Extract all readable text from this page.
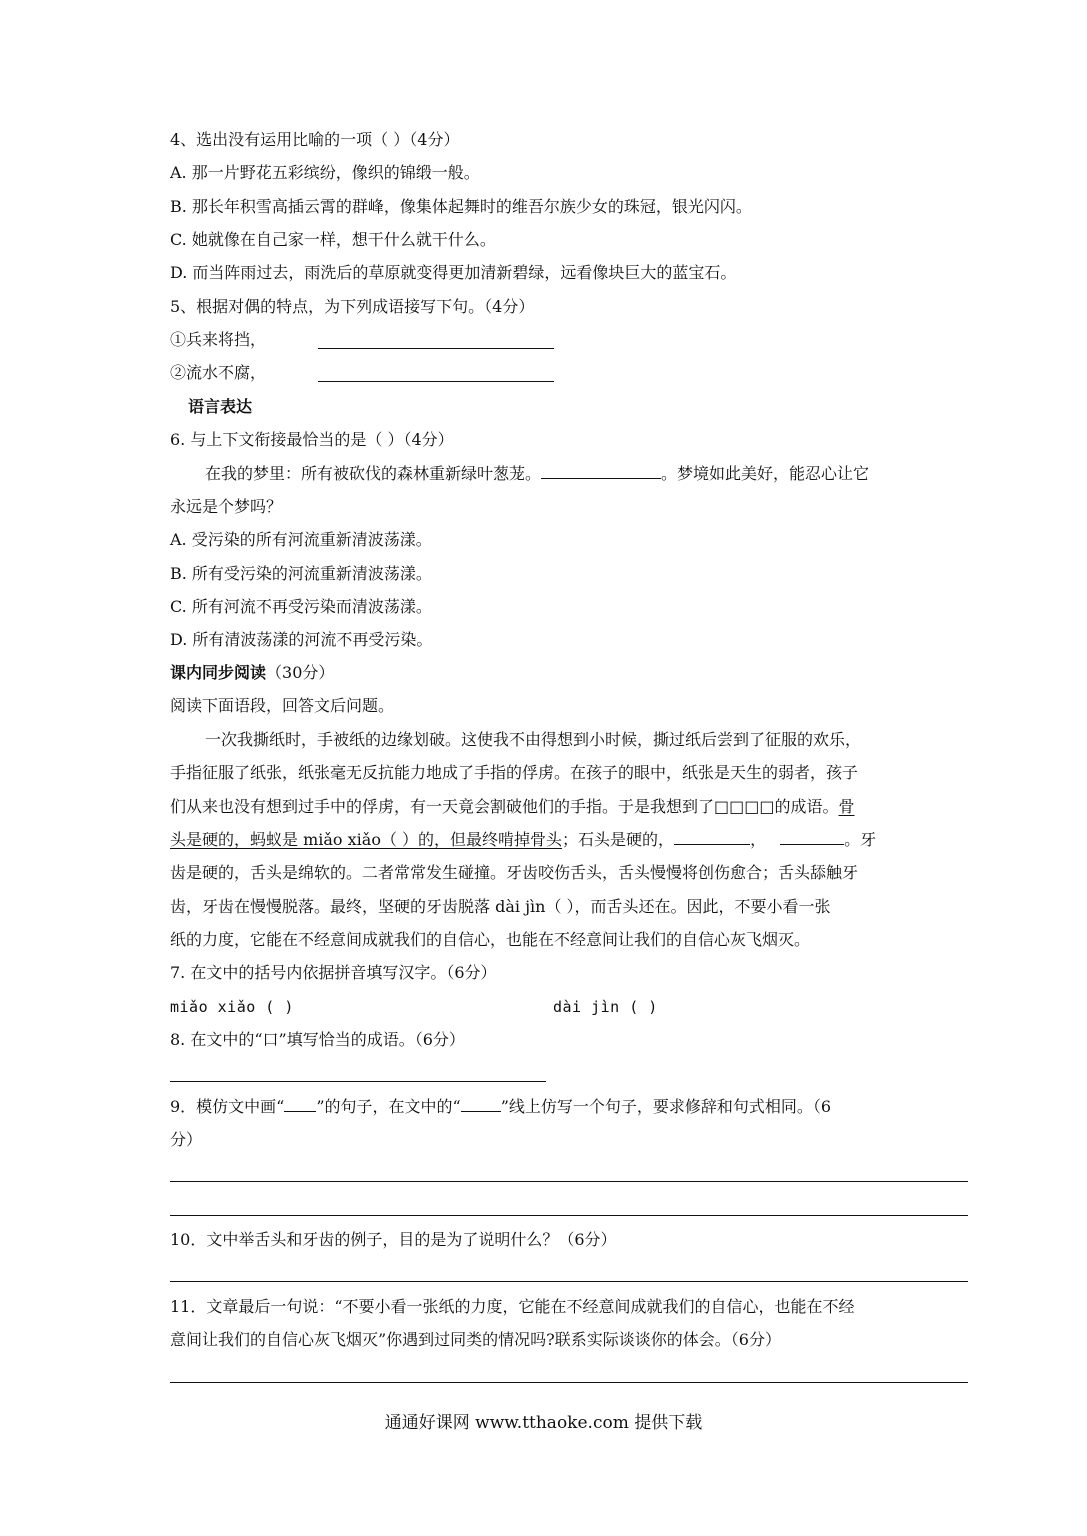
4、选出没有运用比喻的一项（ ）（4分）
A. 那一片野花五彩缤纷，像织的锦缎一般。
B. 那长年积雪高插云霄的群峰，像集体起舞时的维吾尔族少女的珠冠，银光闪闪。
C. 她就像在自己家一样，想干什么就干什么。
D. 而当阵雨过去，雨洗后的草原就变得更加清新碧绿，远看像块巨大的蓝宝石。
5、根据对偶的特点，为下列成语接写下句。（4分）
①兵来将挡，
②流水不腐，
语言表达
6. 与上下文衔接最恰当的是（ ）（4分）
在我的梦里：所有被砍伐的森林重新绿叶葱茏。	。梦境如此美好，能忍心让它
永远是个梦吗？
A. 受污染的所有河流重新清波荡漾。
B. 所有受污染的河流重新清波荡漾。
C. 所有河流不再受污染而清波荡漾。
D. 所有清波荡漾的河流不再受污染。
课内同步阅读（30分）
阅读下面语段，回答文后问题。
一次我撕纸时，手被纸的边缘划破。这使我不由得想到小时候，撕过纸后尝到了征服的欢乐，
手指征服了纸张，纸张毫无反抗能力地成了手指的俘虏。在孩子的眼中，纸张是天生的弱者，孩子
们从来也没有想到过手中的俘虏，有一天竟会割破他们的手指。于是我想到了□□□□的成语。骨
头是硬的，蚂蚁是 miǎo xiǎo（ ）的，但最终啃掉骨头；石头是硬的，	，	。牙
齿是硬的，舌头是绵软的。二者常常发生碰撞。牙齿咬伤舌头，舌头慢慢将创伤愈合；舌头舔触牙
齿，牙齿在慢慢脱落。最终，坚硬的牙齿脱落 dài jìn（ ），而舌头还在。因此，不要小看一张
纸的力度，它能在不经意间成就我们的自信心，也能在不经意间让我们的自信心灰飞烟灭。
7. 在文中的括号内依据拼音填写汉字。（6分）
miǎo xiǎo ( )	dài jìn ( )
8. 在文中的“口”填写恰当的成语。（6分）
9．模仿文中画“ ”的句子，在文中的“	”线上仿写一个句子，要求修辞和句式相同。（6
分）
10．文中举舌头和牙齿的例子，目的是为了说明什么？（6分）
11．文章最后一句说：“不要小看一张纸的力度，它能在不经意间成就我们的自信心，也能在不经
意间让我们的自信心灰飞烟灭”你遇到过同类的情况吗?联系实际谈谈你的体会。（6分）
通通好课网 www.tthaoke.com 提供下载
